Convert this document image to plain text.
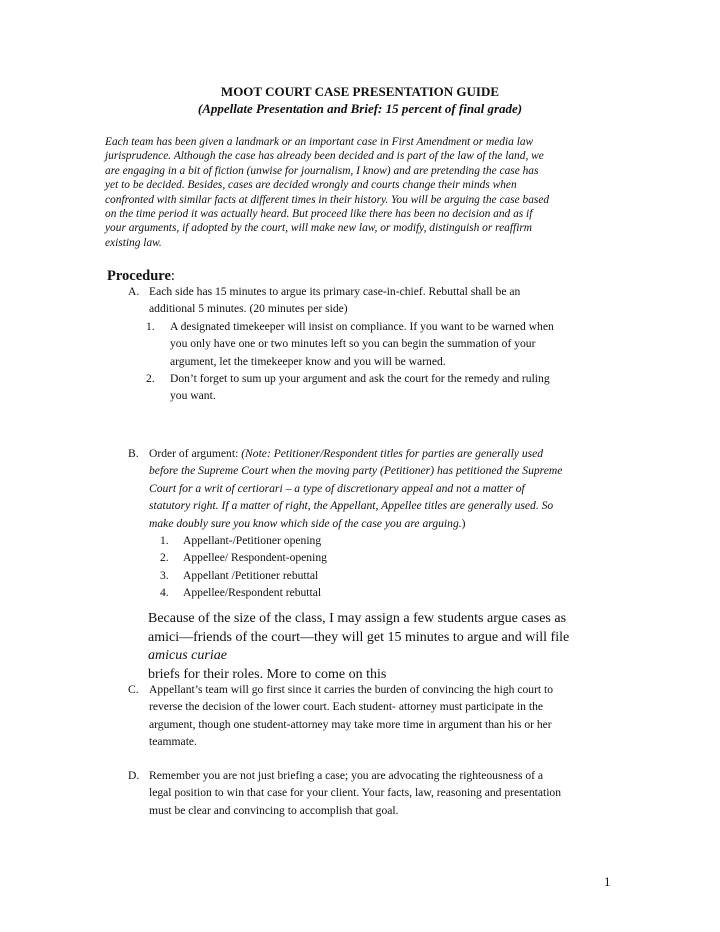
MOOT COURT CASE PRESENTATION GUIDE
(Appellate Presentation and Brief: 15 percent of final grade)
Each team has been given a landmark or an important case in First Amendment or media law
jurisprudence. Although the case has already been decided and is part of the law of the land, we
are engaging in a bit of fiction (unwise for journalism, I know) and are pretending the case has
yet to be decided. Besides, cases are decided wrongly and courts change their minds when
confronted with similar facts at different times in their history. You will be arguing the case based
on the time period it was actually heard. But proceed like there has been no decision and as if
your arguments, if adopted by the court, will make new law, or modify, distinguish or reaffirm
existing law.
Procedure:
A. Each side has 15 minutes to argue its primary case-in-chief. Rebuttal shall be an
additional 5 minutes. (20 minutes per side)
1.	A designated timekeeper will insist on compliance. If you want to be warned when
you only have one or two minutes left so you can begin the summation of your
argument, let the timekeeper know and you will be warned.
2.	Don’t forget to sum up your argument and ask the court for the remedy and ruling
you want.
B. Order of argument: (Note: Petitioner/Respondent titles for parties are generally used
before the Supreme Court when the moving party (Petitioner) has petitioned the Supreme
Court for a writ of certiorari – a type of discretionary appeal and not a matter of
statutory right. If a matter of right, the Appellant, Appellee titles are generally used. So
make doubly sure you know which side of the case you are arguing.)
1.	Appellant-/Petitioner opening
2.	Appellee/ Respondent-opening
3.	Appellant /Petitioner rebuttal
4.	Appellee/Respondent rebuttal
Because of the size of the class, I may assign a few students argue cases as
amici—friends of the court—they will get 15 minutes to argue and will file
amicus curiae
briefs for their roles. More to come on this
C. Appellant’s team will go first since it carries the burden of convincing the high court to
reverse the decision of the lower court. Each student- attorney must participate in the
argument, though one student-attorney may take more time in argument than his or her
teammate.
D. Remember you are not just briefing a case; you are advocating the righteousness of a
legal position to win that case for your client. Your facts, law, reasoning and presentation
must be clear and convincing to accomplish that goal.
1
